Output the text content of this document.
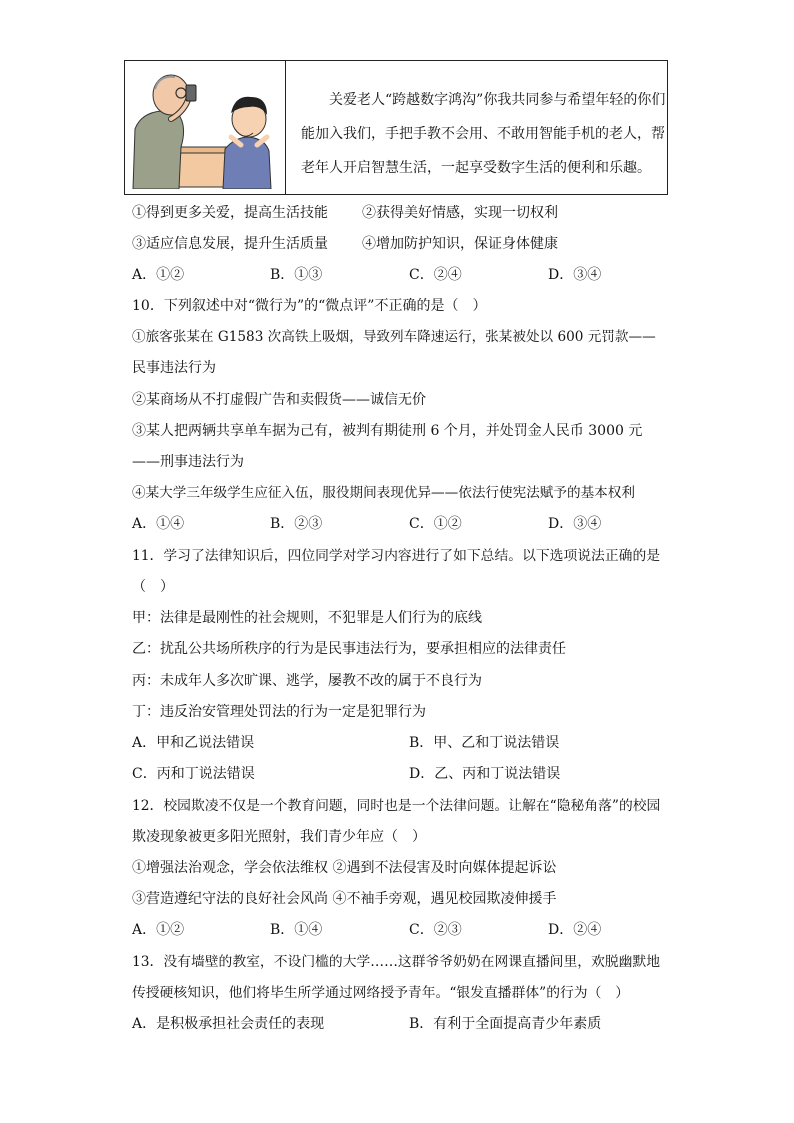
关爱老人“跨越数字鸿沟”你我共同参与希望年轻的你们
能加入我们，手把手教不会用、不敢用智能手机的老人，帮
老年人开启智慧生活，一起享受数字生活的便利和乐趣。
①得到更多关爱，提高生活技能 ②获得美好情感，实现一切权利
③适应信息发展，提升生活质量 ④增加防护知识，保证身体健康
A．①②	B．①③	C．②④	D．③④
10．下列叙述中对“微行为”的“微点评”不正确的是（　）
①旅客张某在 G1583 次高铁上吸烟，导致列车降速运行，张某被处以 600 元罚款——
民事违法行为
②某商场从不打虚假广告和卖假货——诚信无价
③某人把两辆共享单车据为己有，被判有期徒刑 6 个月，并处罚金人民币 3000 元
——刑事违法行为
④某大学三年级学生应征入伍，服役期间表现优异——依法行使宪法赋予的基本权利
A．①④	B．②③	C．①②	D．③④
11．学习了法律知识后，四位同学对学习内容进行了如下总结。以下选项说法正确的是
（　）
甲：法律是最刚性的社会规则，不犯罪是人们行为的底线
乙：扰乱公共场所秩序的行为是民事违法行为，要承担相应的法律责任
丙：未成年人多次旷课、逃学，屡教不改的属于不良行为
丁：违反治安管理处罚法的行为一定是犯罪行为
A．甲和乙说法错误	B．甲、乙和丁说法错误
C．丙和丁说法错误	D．乙、丙和丁说法错误
12．校园欺凌不仅是一个教育问题，同时也是一个法律问题。让解在“隐秘角落”的校园
欺凌现象被更多阳光照射，我们青少年应（　）
①增强法治观念，学会依法维权 ②遇到不法侵害及时向媒体提起诉讼
③营造遵纪守法的良好社会风尚 ④不袖手旁观，遇见校园欺凌伸援手
A．①②	B．①④	C．②③	D．②④
13．没有墙壁的教室，不设门槛的大学……这群爷爷奶奶在网课直播间里，欢脱幽默地
传授硬核知识，他们将毕生所学通过网络授予青年。“银发直播群体”的行为（　）
A．是积极承担社会责任的表现	B．有利于全面提高青少年素质
